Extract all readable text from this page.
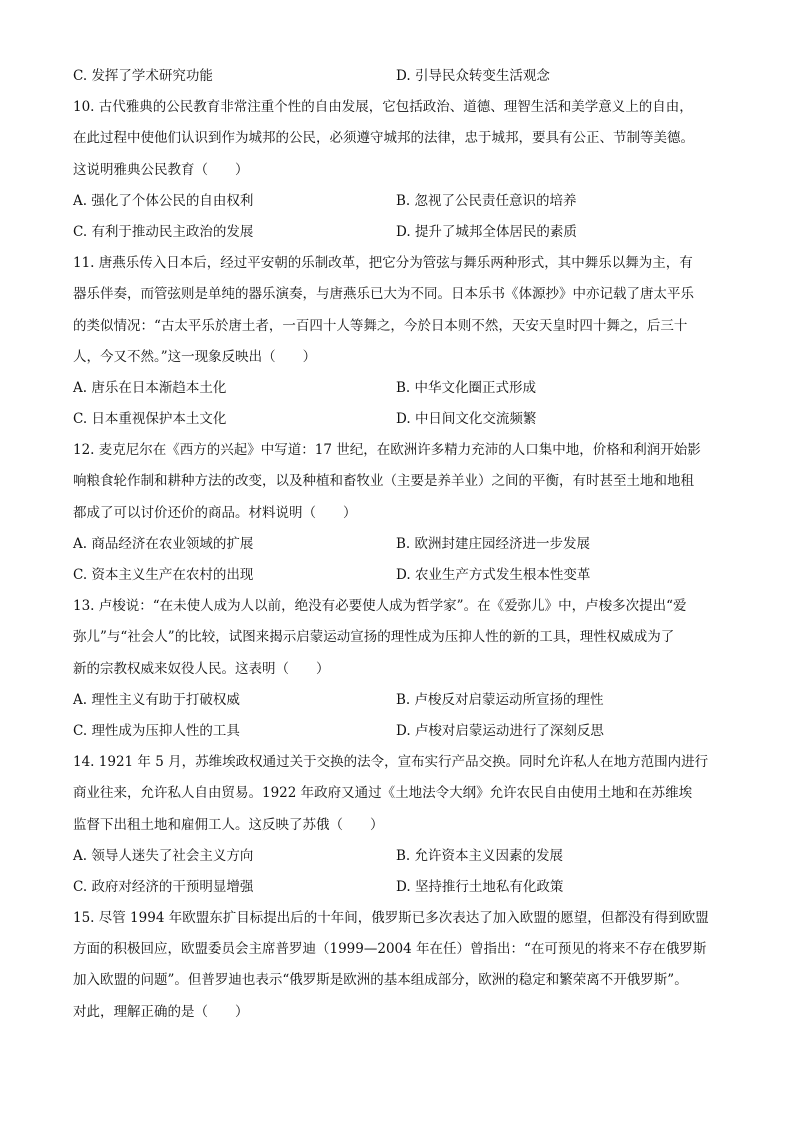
C. 发挥了学术研究功能	D. 引导民众转变生活观念
10. 古代雅典的公民教育非常注重个性的自由发展，它包括政治、道德、理智生活和美学意义上的自由，
在此过程中使他们认识到作为城邦的公民，必须遵守城邦的法律，忠于城邦，要具有公正、节制等美德。
这说明雅典公民教育（　　）
A. 强化了个体公民的自由权利	B. 忽视了公民责任意识的培养
C. 有利于推动民主政治的发展	D. 提升了城邦全体居民的素质
11. 唐燕乐传入日本后，经过平安朝的乐制改革，把它分为管弦与舞乐两种形式，其中舞乐以舞为主，有
器乐伴奏，而管弦则是单纯的器乐演奏，与唐燕乐已大为不同。日本乐书《体源抄》中亦记载了唐太平乐
的类似情况：“古太平乐於唐土者，一百四十人等舞之，今於日本则不然，天安天皇时四十舞之，后三十
人，今又不然。”这一现象反映出（　　）
A. 唐乐在日本渐趋本土化	B. 中华文化圈正式形成
C. 日本重视保护本土文化	D. 中日间文化交流频繁
12. 麦克尼尔在《西方的兴起》中写道：17 世纪，在欧洲许多精力充沛的人口集中地，价格和利润开始影
响粮食轮作制和耕种方法的改变，以及种植和畜牧业（主要是养羊业）之间的平衡，有时甚至土地和地租
都成了可以讨价还价的商品。材料说明（　　）
A. 商品经济在农业领域的扩展	B. 欧洲封建庄园经济进一步发展
C. 资本主义生产在农村的出现	D. 农业生产方式发生根本性变革
13. 卢梭说：“在未使人成为人以前，绝没有必要使人成为哲学家”。在《爱弥儿》中，卢梭多次提出“爱
弥儿”与“社会人”的比较，试图来揭示启蒙运动宣扬的理性成为压抑人性的新的工具，理性权威成为了
新的宗教权威来奴役人民。这表明（　　）
A. 理性主义有助于打破权威	B. 卢梭反对启蒙运动所宣扬的理性
C. 理性成为压抑人性的工具	D. 卢梭对启蒙运动进行了深刻反思
14. 1921 年 5 月，苏维埃政权通过关于交换的法令，宣布实行产品交换。同时允许私人在地方范围内进行
商业往来，允许私人自由贸易。1922 年政府又通过《土地法令大纲》允许农民自由使用土地和在苏维埃
监督下出租土地和雇佣工人。这反映了苏俄（　　）
A. 领导人迷失了社会主义方向	B. 允许资本主义因素的发展
C. 政府对经济的干预明显增强	D. 坚持推行土地私有化政策
15. 尽管 1994 年欧盟东扩目标提出后的十年间，俄罗斯已多次表达了加入欧盟的愿望，但都没有得到欧盟
方面的积极回应，欧盟委员会主席普罗迪（1999—2004 年在任）曾指出：“在可预见的将来不存在俄罗斯
加入欧盟的问题”。但普罗迪也表示“俄罗斯是欧洲的基本组成部分，欧洲的稳定和繁荣离不开俄罗斯”。
对此，理解正确的是（　　）
